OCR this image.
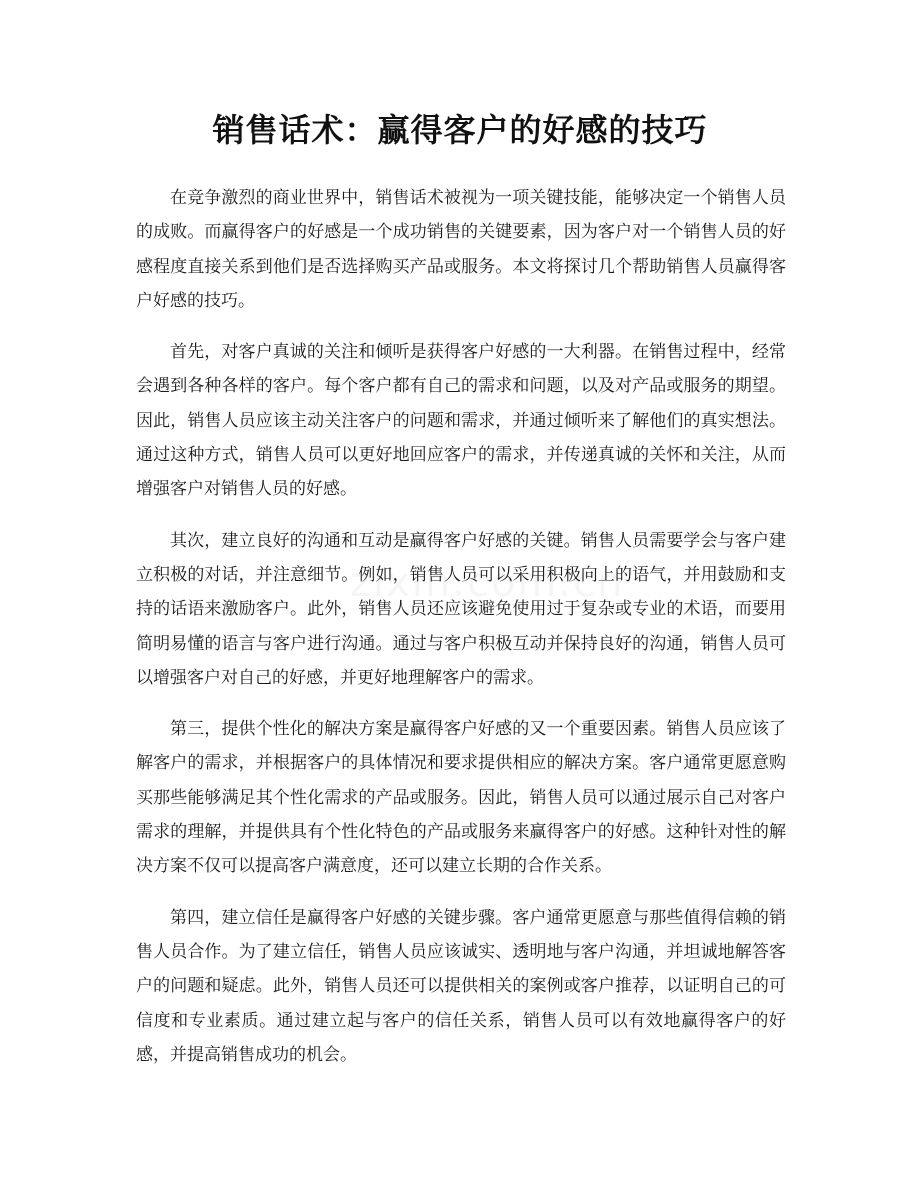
销售话术：赢得客户的好感的技巧

在竞争激烈的商业世界中，销售话术被视为一项关键技能，能够决定一个销售人员的成败。而赢得客户的好感是一个成功销售的关键要素，因为客户对一个销售人员的好感程度直接关系到他们是否选择购买产品或服务。本文将探讨几个帮助销售人员赢得客户好感的技巧。

首先，对客户真诚的关注和倾听是获得客户好感的一大利器。在销售过程中，经常会遇到各种各样的客户。每个客户都有自己的需求和问题，以及对产品或服务的期望。因此，销售人员应该主动关注客户的问题和需求，并通过倾听来了解他们的真实想法。通过这种方式，销售人员可以更好地回应客户的需求，并传递真诚的关怀和关注，从而增强客户对销售人员的好感。

其次，建立良好的沟通和互动是赢得客户好感的关键。销售人员需要学会与客户建立积极的对话，并注意细节。例如，销售人员可以采用积极向上的语气，并用鼓励和支持的话语来激励客户。此外，销售人员还应该避免使用过于复杂或专业的术语，而要用简明易懂的语言与客户进行沟通。通过与客户积极互动并保持良好的沟通，销售人员可以增强客户对自己的好感，并更好地理解客户的需求。

第三，提供个性化的解决方案是赢得客户好感的又一个重要因素。销售人员应该了解客户的需求，并根据客户的具体情况和要求提供相应的解决方案。客户通常更愿意购买那些能够满足其个性化需求的产品或服务。因此，销售人员可以通过展示自己对客户需求的理解，并提供具有个性化特色的产品或服务来赢得客户的好感。这种针对性的解决方案不仅可以提高客户满意度，还可以建立长期的合作关系。

第四，建立信任是赢得客户好感的关键步骤。客户通常更愿意与那些值得信赖的销售人员合作。为了建立信任，销售人员应该诚实、透明地与客户沟通，并坦诚地解答客户的问题和疑虑。此外，销售人员还可以提供相关的案例或客户推荐，以证明自己的可信度和专业素质。通过建立起与客户的信任关系，销售人员可以有效地赢得客户的好感，并提高销售成功的机会。
